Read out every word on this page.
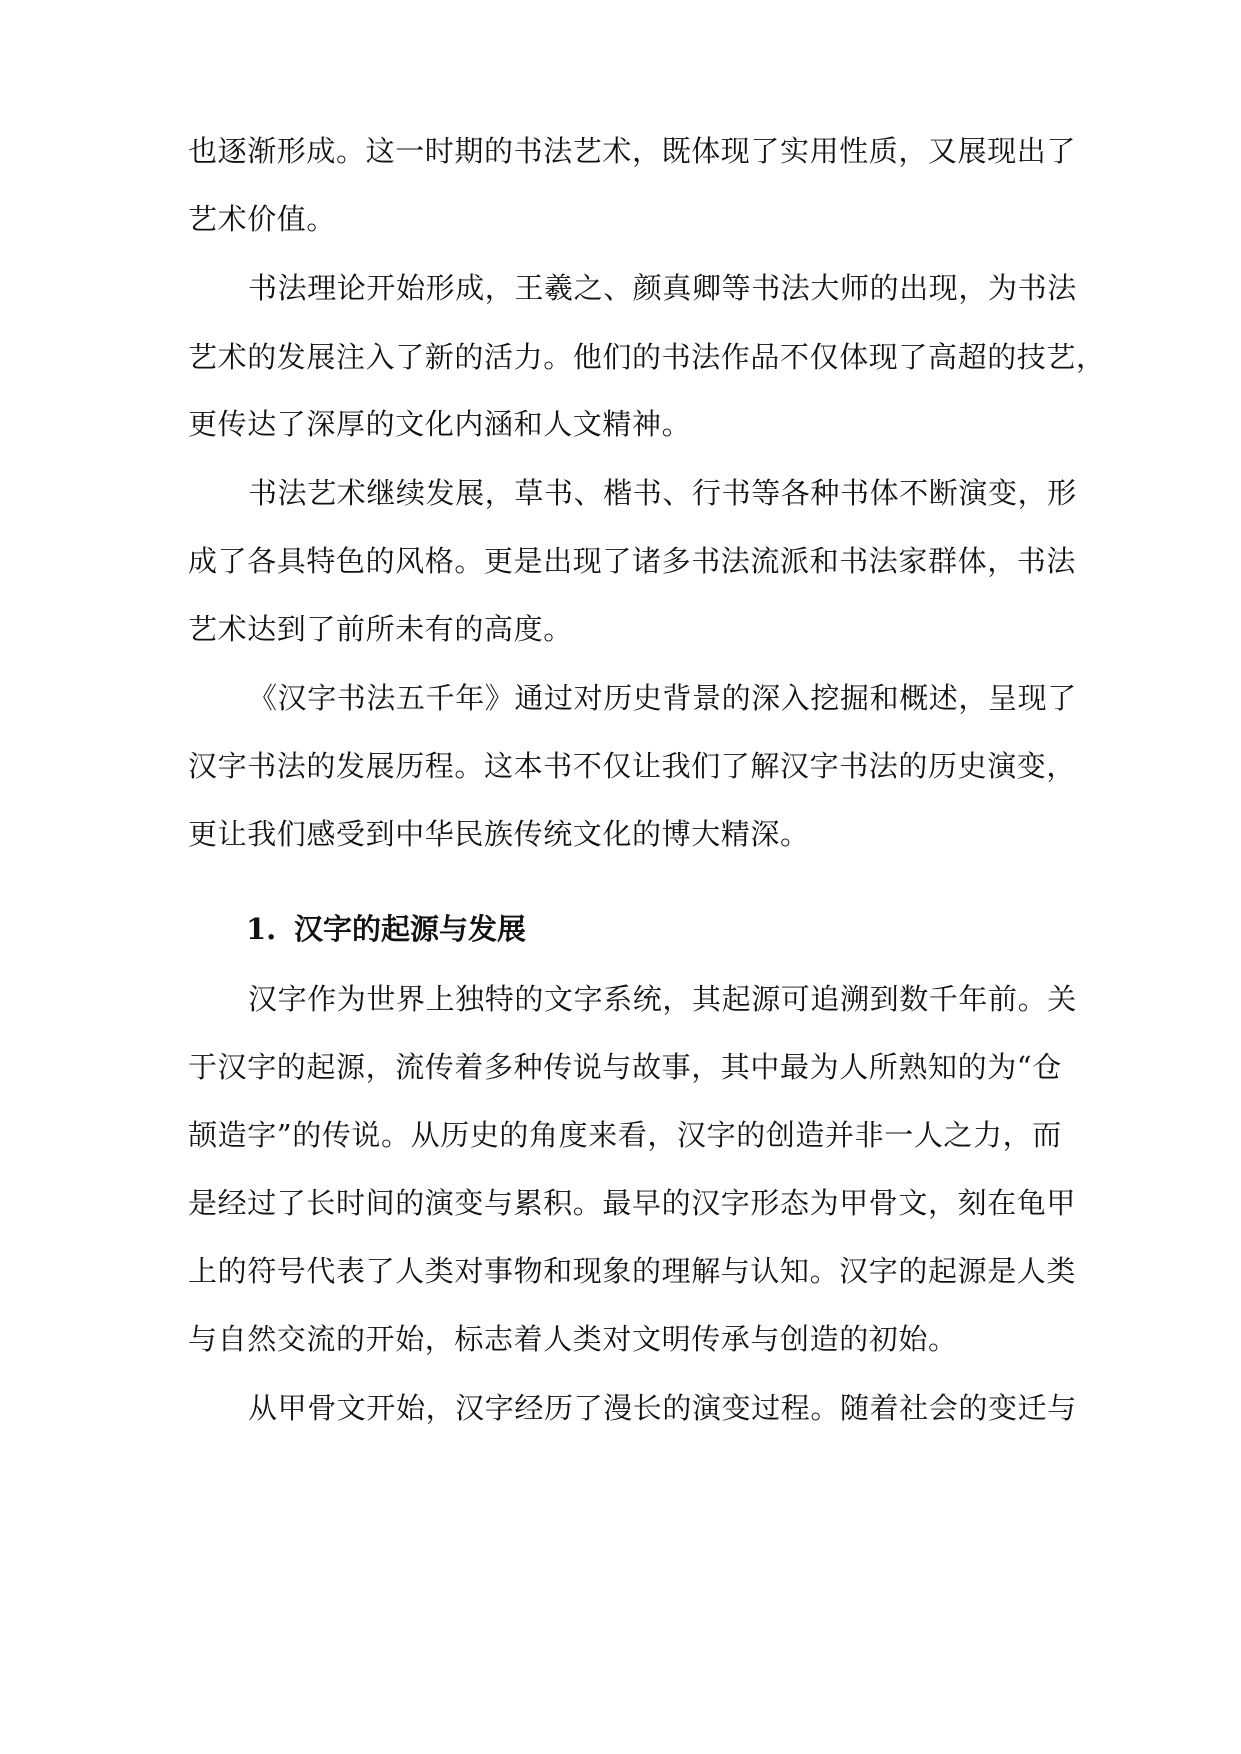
也逐渐形成。这一时期的书法艺术，既体现了实用性质，又展现出了
艺术价值。
书法理论开始形成，王羲之、颜真卿等书法大师的出现，为书法
艺术的发展注入了新的活力。他们的书法作品不仅体现了高超的技艺，
更传达了深厚的文化内涵和人文精神。
书法艺术继续发展，草书、楷书、行书等各种书体不断演变，形
成了各具特色的风格。更是出现了诸多书法流派和书法家群体，书法
艺术达到了前所未有的高度。
《汉字书法五千年》通过对历史背景的深入挖掘和概述，呈现了
汉字书法的发展历程。这本书不仅让我们了解汉字书法的历史演变，
更让我们感受到中华民族传统文化的博大精深。
1. 汉字的起源与发展
汉字作为世界上独特的文字系统，其起源可追溯到数千年前。关
于汉字的起源，流传着多种传说与故事，其中最为人所熟知的为“仓
颉造字”的传说。从历史的角度来看，汉字的创造并非一人之力，而
是经过了长时间的演变与累积。最早的汉字形态为甲骨文，刻在龟甲
上的符号代表了人类对事物和现象的理解与认知。汉字的起源是人类
与自然交流的开始，标志着人类对文明传承与创造的初始。
从甲骨文开始，汉字经历了漫长的演变过程。随着社会的变迁与
